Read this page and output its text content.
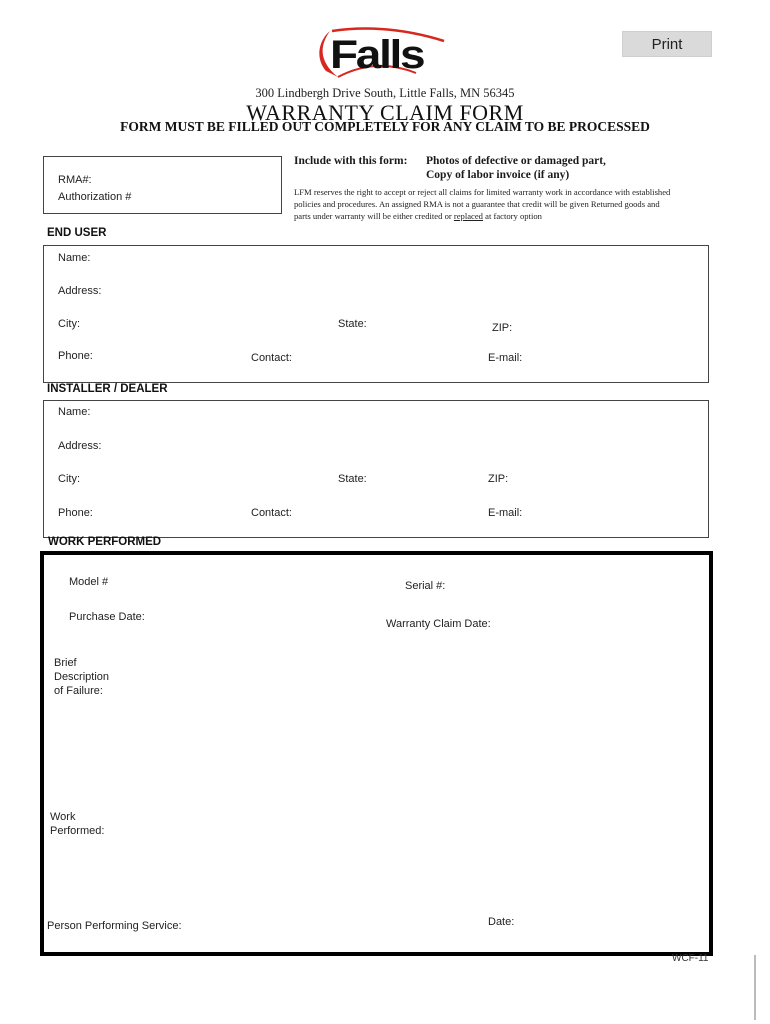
Print
Falls
300 Lindbergh Drive South, Little Falls, MN 56345
WARRANTY CLAIM FORM
FORM MUST BE FILLED OUT COMPLETELY FOR ANY CLAIM TO BE PROCESSED
RMA#:
Authorization #
Include with this form: Photos of defective or damaged part,
Copy of labor invoice (if any)
LFM reserves the right to accept or reject all claims for limited warranty work in accordance with established
policies and procedures. An assigned RMA is not a guarantee that credit will be given Returned goods and
parts under warranty will be either credited or replaced at factory option
END USER
Name:
Address:
City:	State:	ZIP:
Phone:	Contact:	E-mail:
INSTALLER / DEALER
Name:
Address:
City:	State:	ZIP:
Phone:	Contact:	E-mail:
WORK PERFORMED
Model #	Serial #:
Purchase Date:
Warranty Claim Date:
Brief
Description
of Failure:
Work
Performed:
Person Performing Service:	Date:
WCF-11
